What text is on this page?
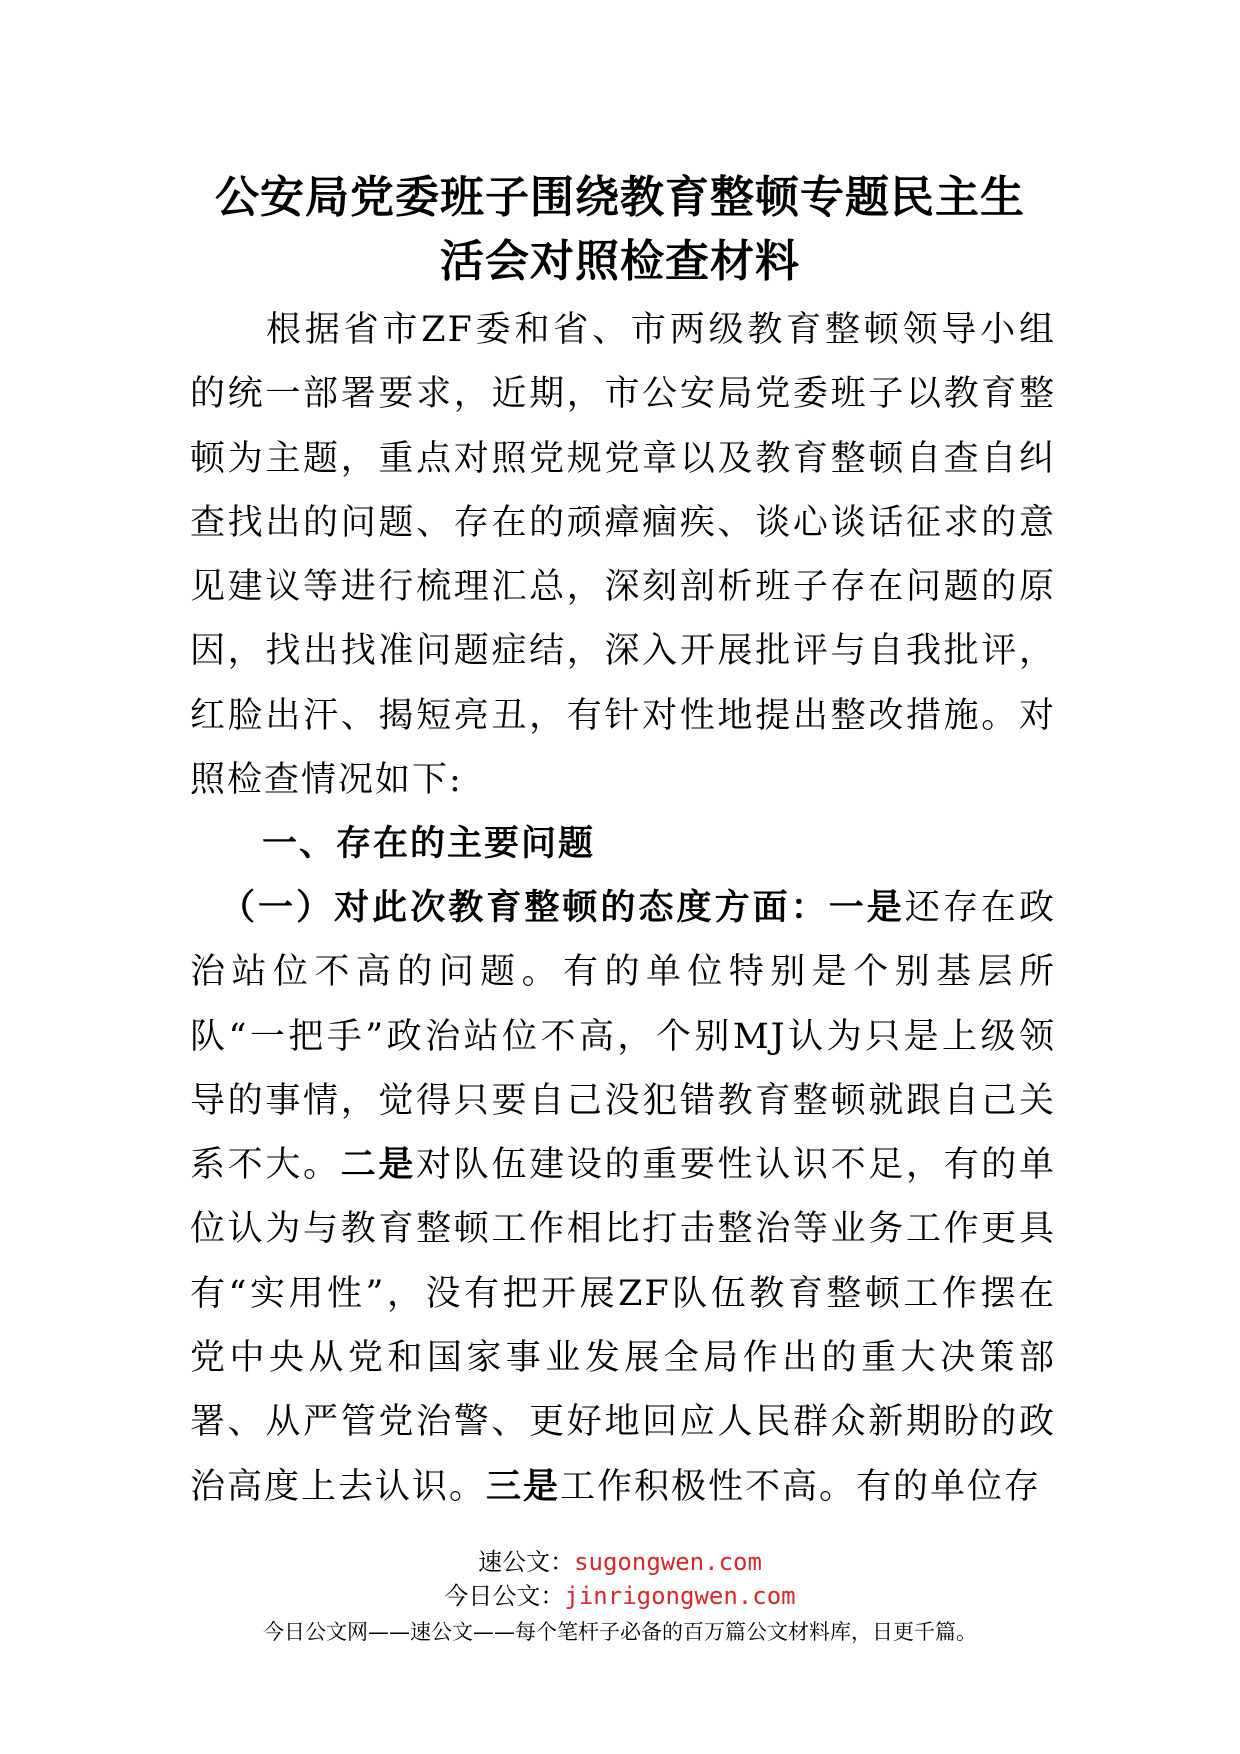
公安局党委班子围绕教育整顿专题民主生
活会对照检查材料

根据省市ZF委和省、市两级教育整顿领导小组的统一部署要求，近期，市公安局党委班子以教育整顿为主题，重点对照党规党章以及教育整顿自查自纠查找出的问题、存在的顽瘴痼疾、谈心谈话征求的意见建议等进行梳理汇总，深刻剖析班子存在问题的原因，找出找准问题症结，深入开展批评与自我批评，红脸出汗、揭短亮丑，有针对性地提出整改措施。对照检查情况如下:

一、存在的主要问题

（一）对此次教育整顿的态度方面：一是还存在政治站位不高的问题。有的单位特别是个别基层所队“一把手”政治站位不高，个别MJ认为只是上级领导的事情，觉得只要自己没犯错教育整顿就跟自己关系不大。二是对队伍建设的重要性认识不足，有的单位认为与教育整顿工作相比打击整治等业务工作更具有“实用性”，没有把开展ZF队伍教育整顿工作摆在党中央从党和国家事业发展全局作出的重大决策部署、从严管党治警、更好地回应人民群众新期盼的政治高度上去认识。三是工作积极性不高。有的单位存

速公文：sugongwen.com
今日公文：jinrigongwen.com
今日公文网——速公文——每个笔杆子必备的百万篇公文材料库，日更千篇。
